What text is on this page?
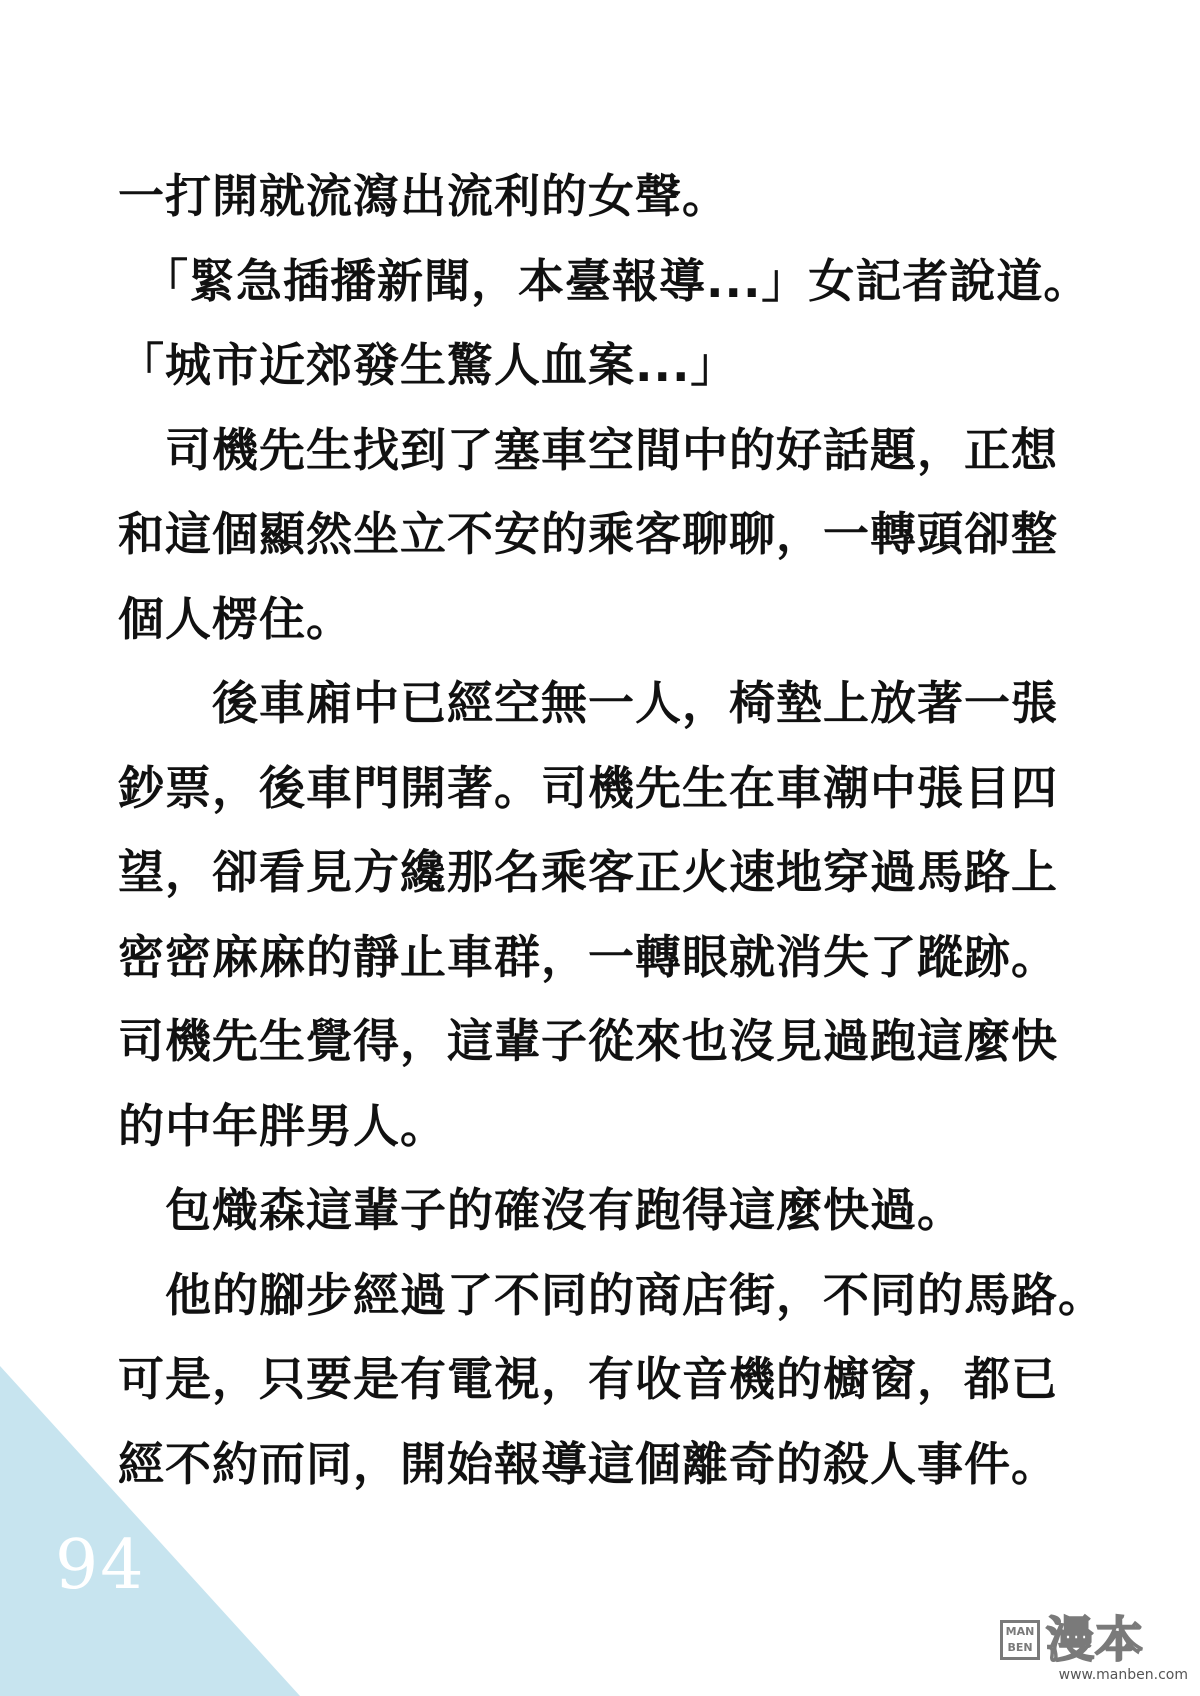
94
一打開就流瀉出流利的女聲。
　「緊急插播新聞，本臺報導...」女記者說道。
「城市近郊發生驚人血案...」
　司機先生找到了塞車空間中的好話題，正想
和這個顯然坐立不安的乘客聊聊，一轉頭卻整
個人楞住。
　　後車廂中已經空無一人，椅墊上放著一張
鈔票，後車門開著。司機先生在車潮中張目四
望，卻看見方纔那名乘客正火速地穿過馬路上
密密麻麻的靜止車群，一轉眼就消失了蹤跡。
司機先生覺得，這輩子從來也沒見過跑這麼快
的中年胖男人。
　包熾森這輩子的確沒有跑得這麼快過。
　他的腳步經過了不同的商店街，不同的馬路。
可是，只要是有電視，有收音機的櫥窗，都已
經不約而同，開始報導這個離奇的殺人事件。
MAN BEN 漫本
www.manben.com
